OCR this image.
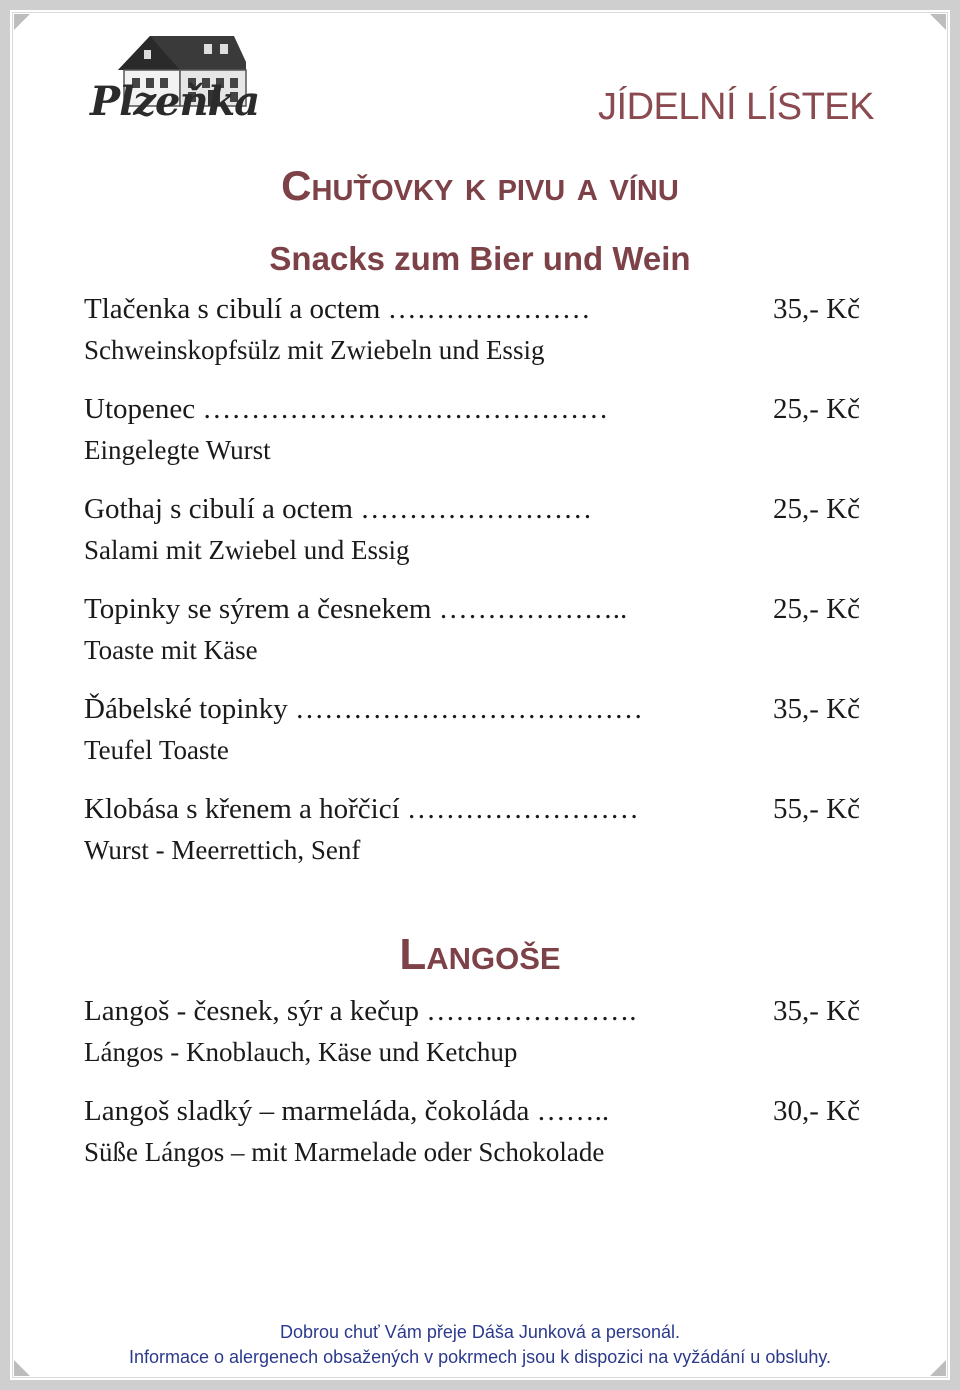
Plzeňka	JÍDELNÍ LÍSTEK
Chuťovky k pivu a vínu
Snacks zum Bier und Wein
Tlačenka s cibulí a octem …………………
Schweinskopfsülz mit Zwiebeln und Essig
35,- Kč
Utopenec ……………………………………
Eingelegte Wurst
25,- Kč
Gothaj s cibulí a octem ……………………
Salami mit Zwiebel und Essig
25,- Kč
Topinky se sýrem a česnekem ………………..
Toaste mit Käse
25,- Kč
Ďábelské topinky ………………………………
Teufel Toaste
35,- Kč
Klobása s křenem a hořčicí ……………………
Wurst - Meerrettich, Senf
55,- Kč
Langoše
Langoš - česnek, sýr a kečup ………………….
Lángos - Knoblauch, Käse und Ketchup
35,- Kč
Langoš sladký – marmeláda, čokoláda ……..
Süße Lángos – mit Marmelade oder Schokolade
30,- Kč
Dobrou chuť Vám přeje Dáša Junková a personál.
Informace o alergenech obsažených v pokrmech jsou k dispozici na vyžádání u obsluhy.
